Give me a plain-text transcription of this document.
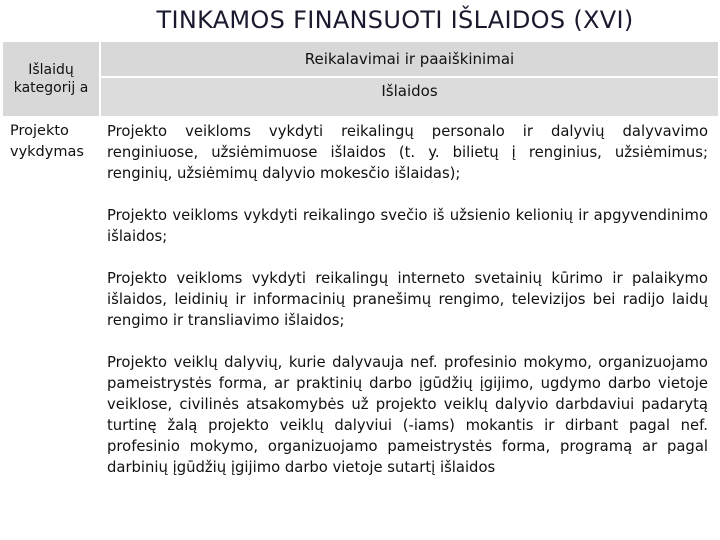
TINKAMOS FINANSUOTI IŠLAIDOS (XVI)
Išlaidų kategorij a
Reikalavimai ir paaiškinimai
Išlaidos
Projekto vykdymas

Projekto veikloms vykdyti reikalingų personalo ir dalyvių dalyvavimo renginiuose, užsiėmimuose išlaidos (t. y. bilietų į renginius, užsiėmimus; renginių, užsiėmimų dalyvio mokesčio išlaidas);

Projekto veikloms vykdyti reikalingo svečio iš užsienio kelionių ir apgyvendinimo išlaidos;

Projekto veikloms vykdyti reikalingų interneto svetainių kūrimo ir palaikymo išlaidos, leidinių ir informacinių pranešimų rengimo, televizijos bei radijo laidų rengimo ir transliavimo išlaidos;

Projekto veiklų dalyvių, kurie dalyvauja nef. profesinio mokymo, organizuojamo pameistrystės forma, ar praktinių darbo įgūdžių įgijimo, ugdymo darbo vietoje veiklose, civilinės atsakomybės už projekto veiklų dalyvio darbdaviui padarytą turtinę žalą projekto veiklų dalyviui (-iams) mokantis ir dirbant pagal nef. profesinio mokymo, organizuojamo pameistrystės forma, programą ar pagal darbinių įgūdžių įgijimo darbo vietoje sutartį išlaidos
